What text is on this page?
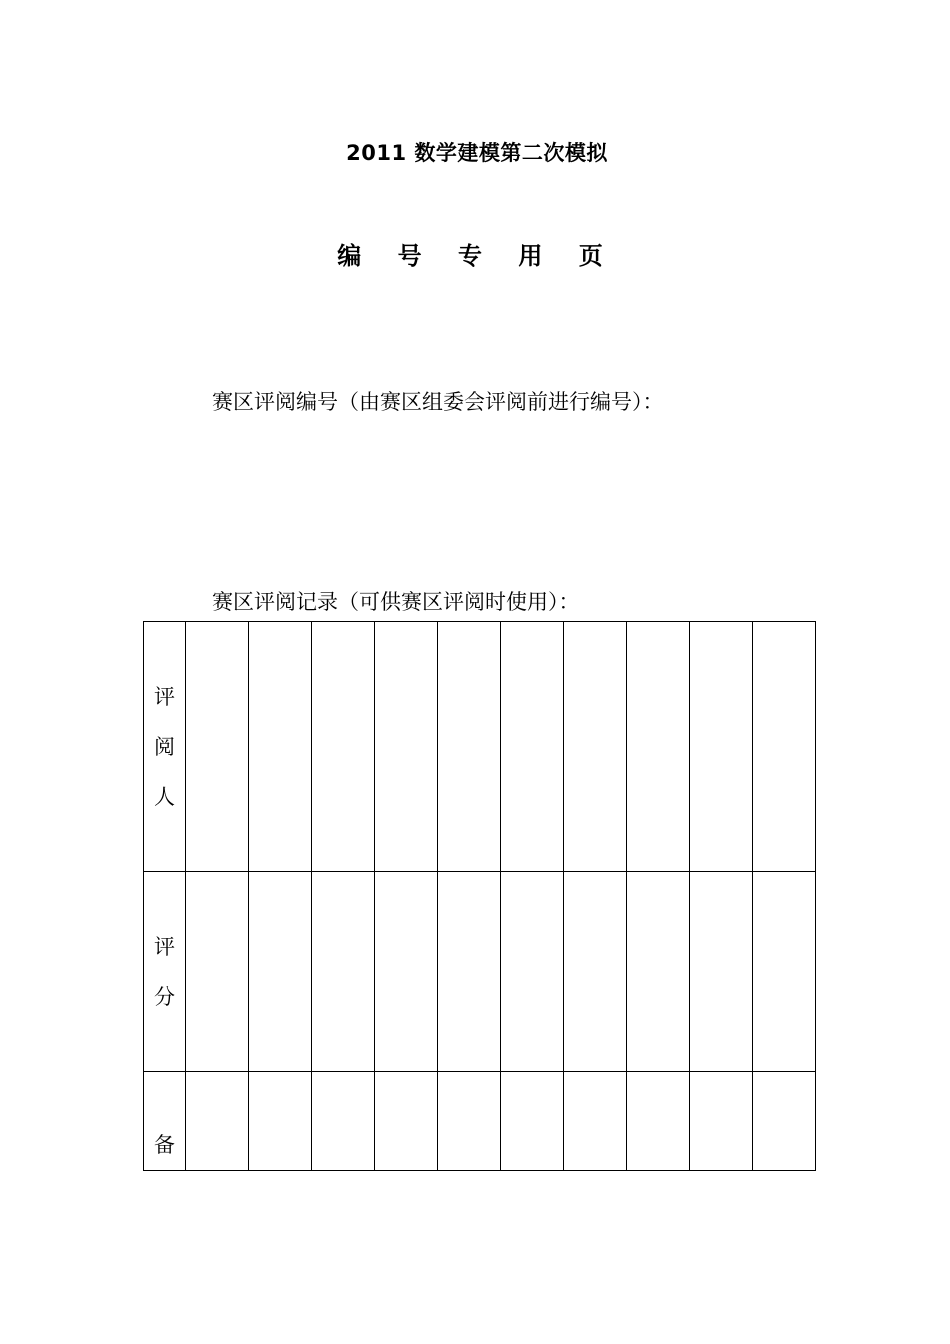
2011 数学建模第二次模拟
编 号 专 用 页
赛区评阅编号（由赛区组委会评阅前进行编号）：
赛区评阅记录（可供赛区评阅时使用）：
评
阅
人										

评
分										

备										
